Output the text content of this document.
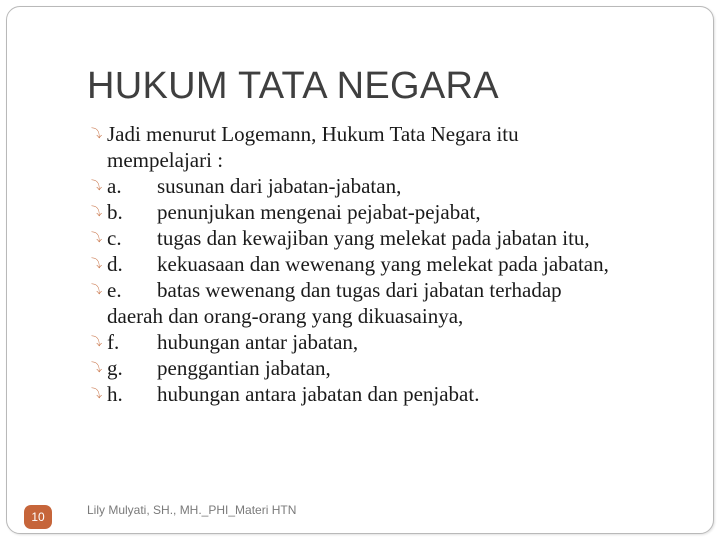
HUKUM TATA NEGARA
⤵ Jadi menurut Logemann, Hukum Tata Negara itu
mempelajari :
⤵ a. susunan dari jabatan-jabatan,
⤵ b. penunjukan mengenai pejabat-pejabat,
⤵ c. tugas dan kewajiban yang melekat pada jabatan itu,
⤵ d. kekuasaan dan wewenang yang melekat pada jabatan,
⤵ e. batas wewenang dan tugas dari jabatan terhadap
daerah dan orang-orang yang dikuasainya,
⤵ f. hubungan antar jabatan,
⤵ g. penggantian jabatan,
⤵ h. hubungan antara jabatan dan penjabat.
10	Lily Mulyati, SH., MH._PHI_Materi HTN
